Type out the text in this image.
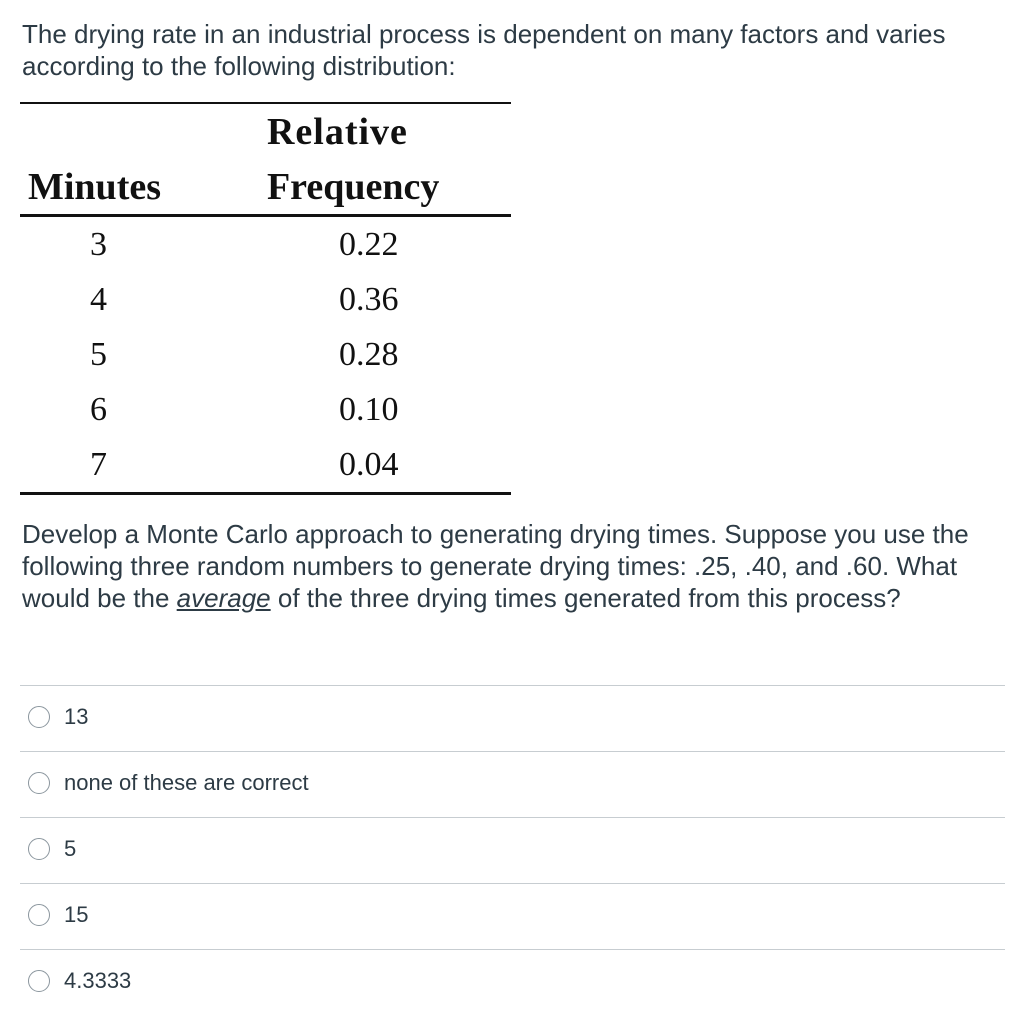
The drying rate in an industrial process is dependent on many factors and varies according to the following distribution:

	Relative
Minutes	Frequency
3	0.22
4	0.36
5	0.28
6	0.10
7	0.04

Develop a Monte Carlo approach to generating drying times. Suppose you use the following three random numbers to generate drying times: .25, .40, and .60. What would be the average of the three drying times generated from this process?

13
none of these are correct
5
15
4.3333
